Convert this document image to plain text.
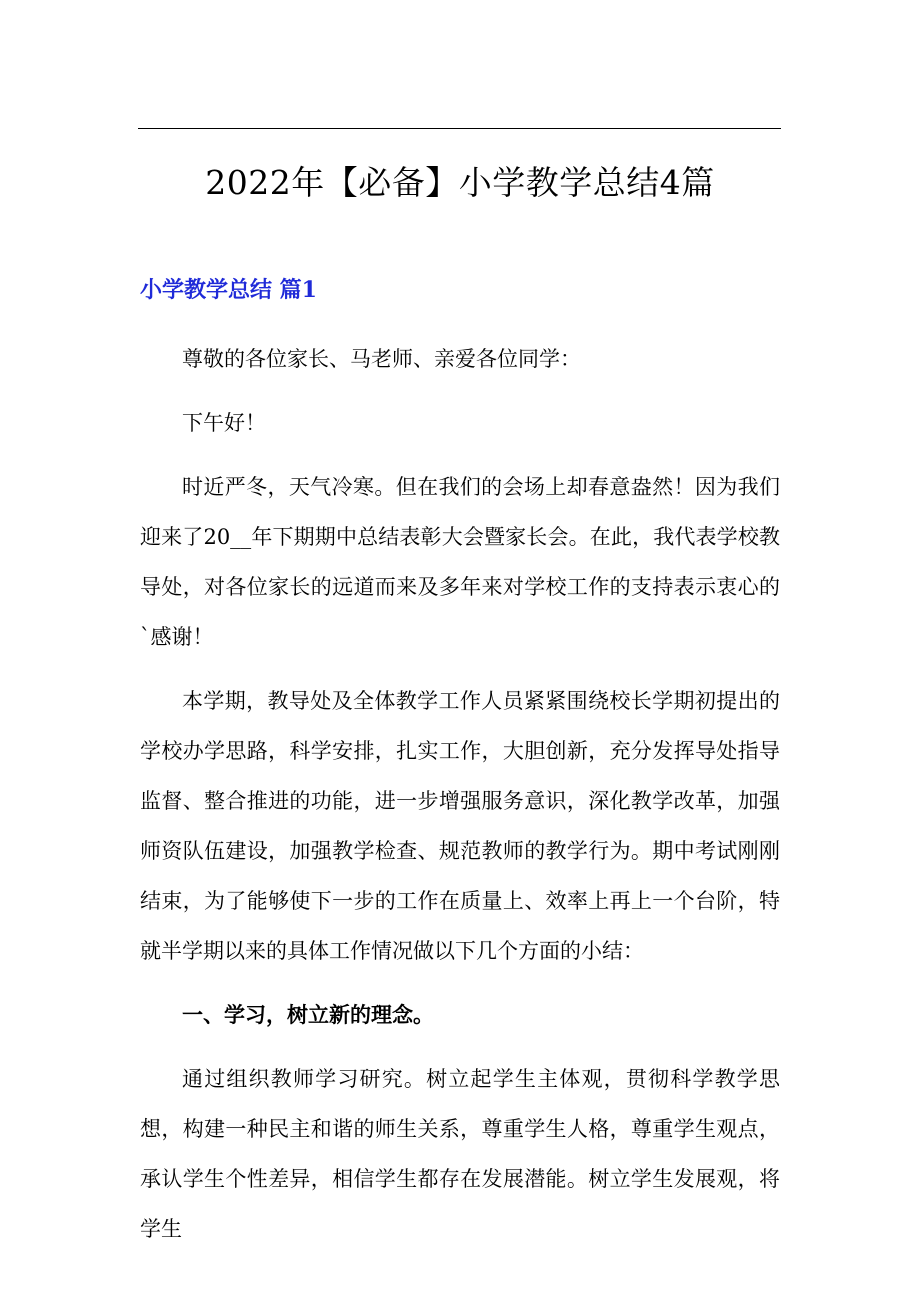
2022年【必备】小学教学总结4篇
小学教学总结 篇1

尊敬的各位家长、马老师、亲爱各位同学：

下午好！

时近严冬，天气冷寒。但在我们的会场上却春意盎然！因为我们迎来了20__年下期期中总结表彰大会暨家长会。在此，我代表学校教导处，对各位家长的远道而来及多年来对学校工作的支持表示衷心的`感谢！

本学期，教导处及全体教学工作人员紧紧围绕校长学期初提出的学校办学思路，科学安排，扎实工作，大胆创新，充分发挥导处指导监督、整合推进的功能，进一步增强服务意识，深化教学改革，加强师资队伍建设，加强教学检查、规范教师的教学行为。期中考试刚刚结束，为了能够使下一步的工作在质量上、效率上再上一个台阶，特就半学期以来的具体工作情况做以下几个方面的小结：

一、学习，树立新的理念。

通过组织教师学习研究。树立起学生主体观，贯彻科学教学思想，构建一种民主和谐的师生关系，尊重学生人格，尊重学生观点，承认学生个性差异，相信学生都存在发展潜能。树立学生发展观，将学生
